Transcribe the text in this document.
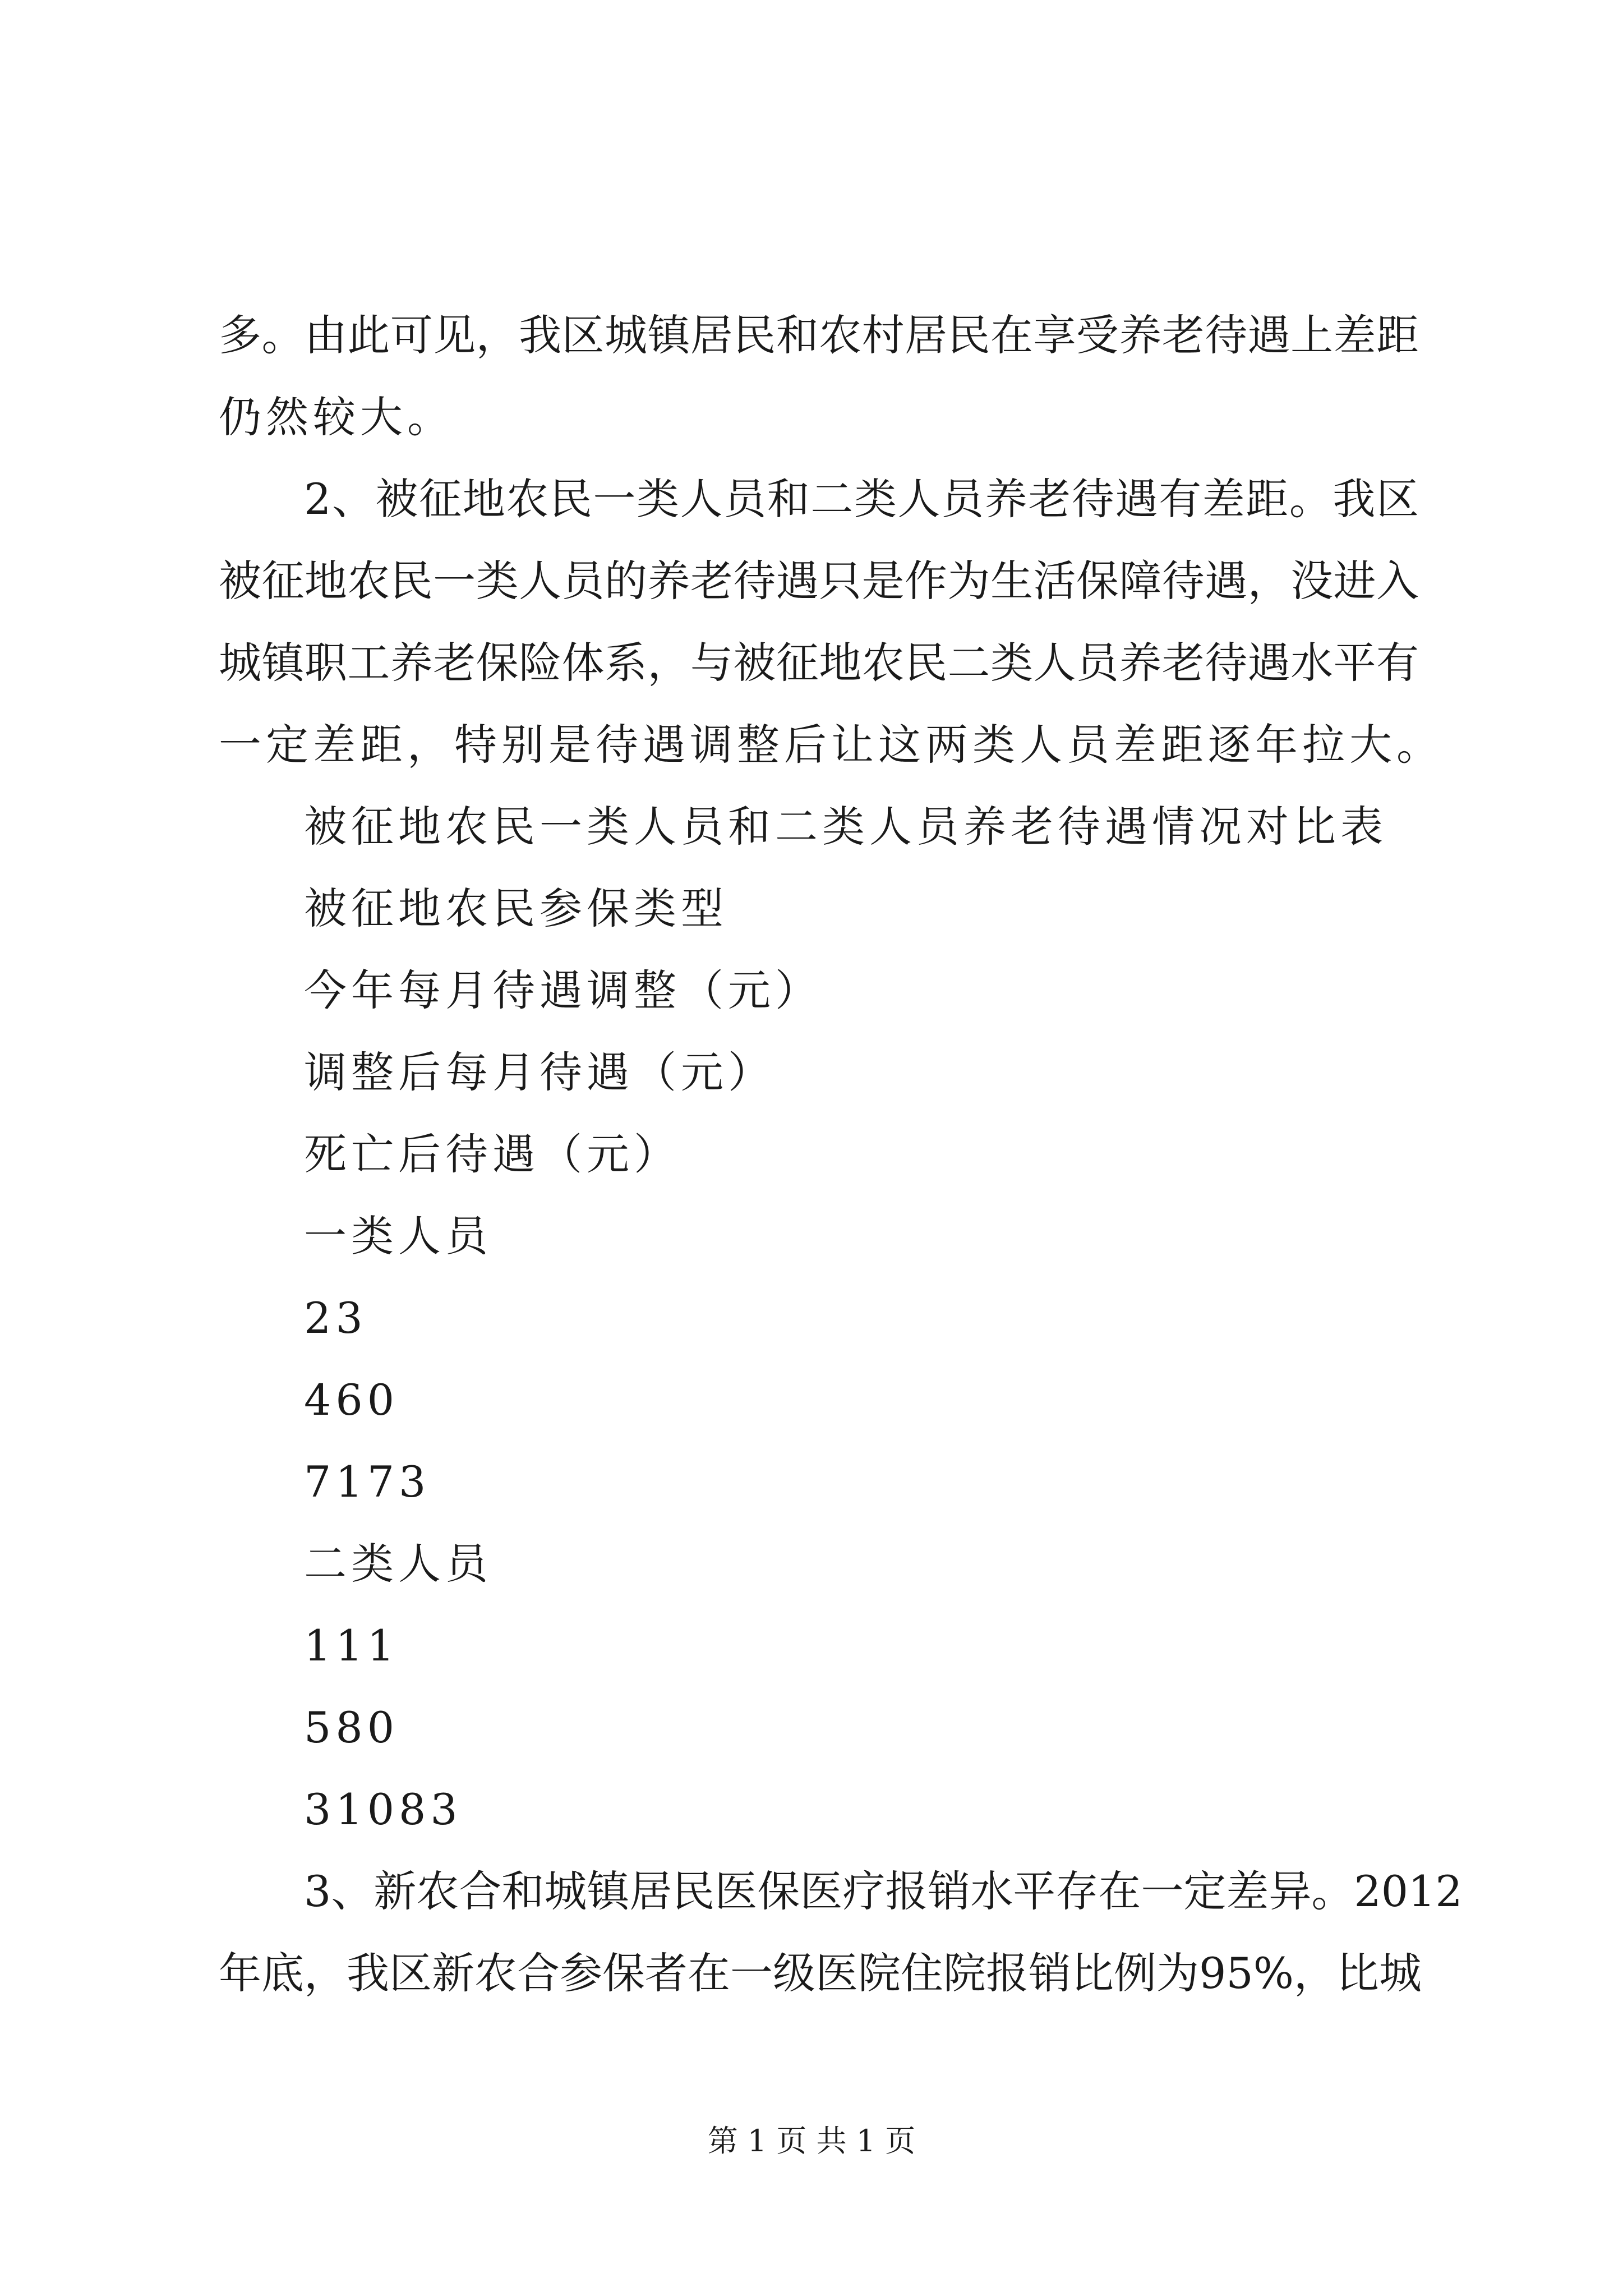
多。由此可见，我区城镇居民和农村居民在享受养老待遇上差距
仍然较大。
2、被征地农民一类人员和二类人员养老待遇有差距。我区
被征地农民一类人员的养老待遇只是作为生活保障待遇，没进入
城镇职工养老保险体系，与被征地农民二类人员养老待遇水平有
一定差距，特别是待遇调整后让这两类人员差距逐年拉大。
被征地农民一类人员和二类人员养老待遇情况对比表
被征地农民参保类型
今年每月待遇调整（元）
调整后每月待遇（元）
死亡后待遇（元）
一类人员
23
460
7173
二类人员
111
580
31083
3、新农合和城镇居民医保医疗报销水平存在一定差异。2012
年底，我区新农合参保者在一级医院住院报销比例为95%，比城
第 1 页 共 1 页
